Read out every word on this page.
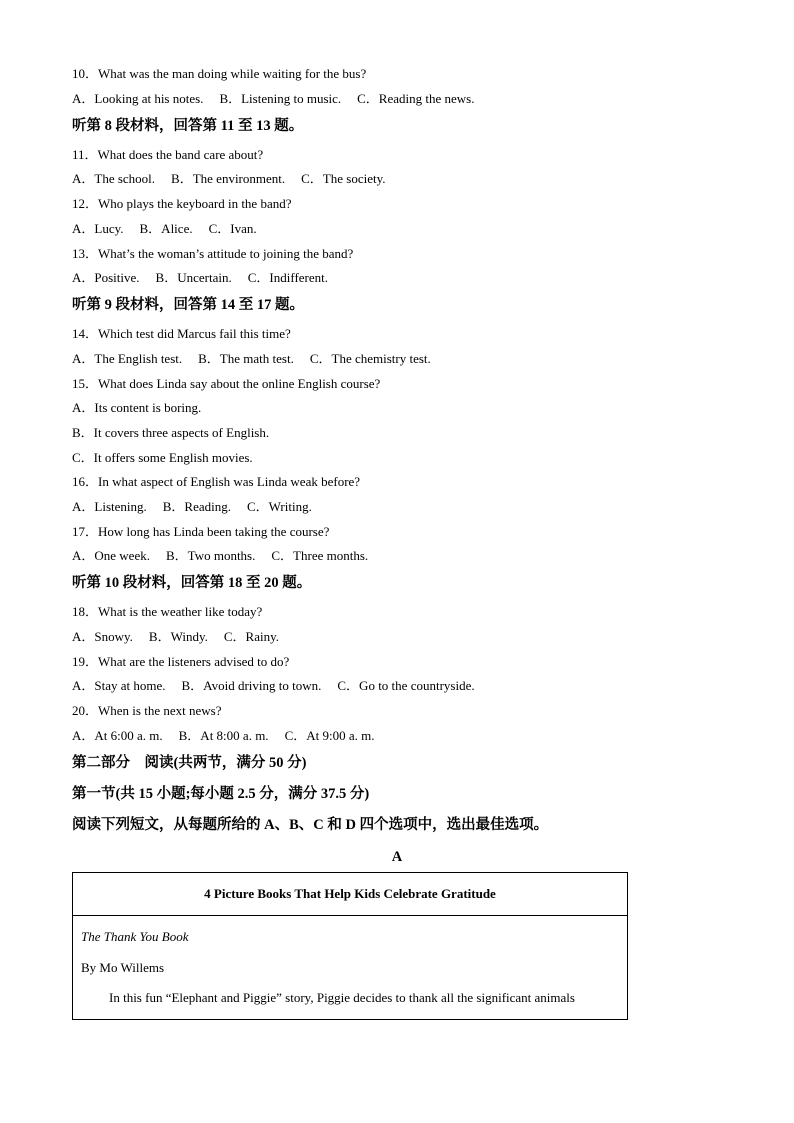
10．What was the man doing while waiting for the bus?
A．Looking at his notes. B．Listening to music. C．Reading the news.
听第 8 段材料，回答第 11 至 13 题。
11．What does the band care about?
A．The school. B．The environment. C．The society.
12．Who plays the keyboard in the band?
A．Lucy. B．Alice. C．Ivan.
13．What’s the woman’s attitude to joining the band?
A．Positive. B．Uncertain. C．Indifferent.
听第 9 段材料，回答第 14 至 17 题。
14．Which test did Marcus fail this time?
A．The English test. B．The math test. C．The chemistry test.
15．What does Linda say about the online English course?
A．Its content is boring.
B．It covers three aspects of English.
C．It offers some English movies.
16．In what aspect of English was Linda weak before?
A．Listening. B．Reading. C．Writing.
17．How long has Linda been taking the course?
A．One week. B．Two months. C．Three months.
听第 10 段材料，回答第 18 至 20 题。
18．What is the weather like today?
A．Snowy. B．Windy. C．Rainy.
19．What are the listeners advised to do?
A．Stay at home. B．Avoid driving to town. C．Go to the countryside.
20．When is the next news?
A．At 6:00 a. m. B．At 8:00 a. m. C．At 9:00 a. m.
第二部分　阅读(共两节，满分 50 分)
第一节(共 15 小题;每小题 2.5 分，满分 37.5 分)
阅读下列短文，从每题所给的 A、B、C 和 D 四个选项中，选出最佳选项。
A
4 Picture Books That Help Kids Celebrate Gratitude
The Thank You Book
By Mo Willems
In this fun “Elephant and Piggie” story, Piggie decides to thank all the significant animals
